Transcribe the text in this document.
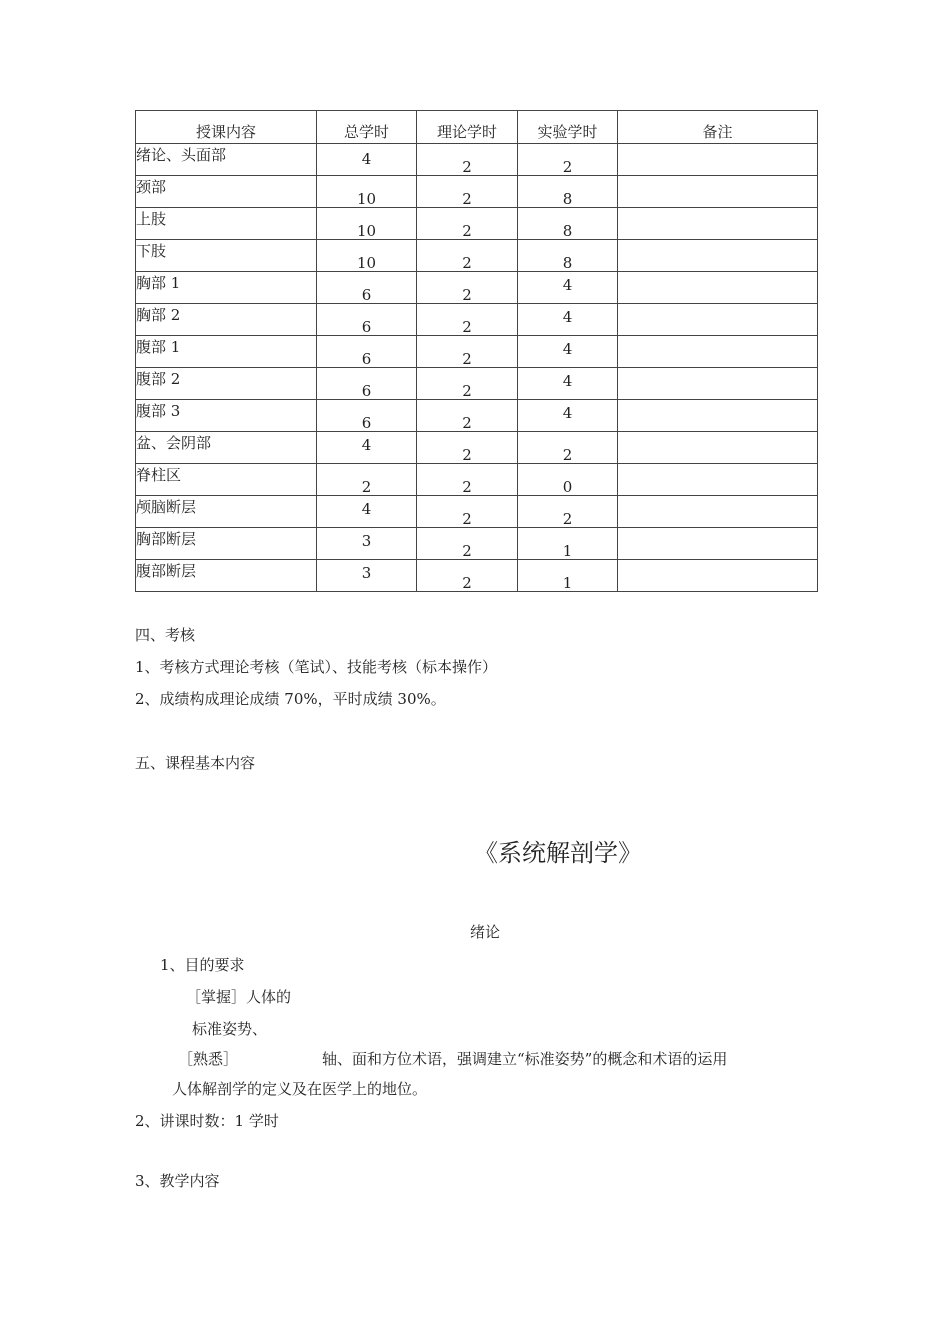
授课内容	总学时	理论学时	实验学时	备注
绪论、头面部	4	2	2	

颈部	10	2	8	

上肢	10	2	8	

下肢	10	2	8	

胸部 1	6	2	4	

胸部 2	6	2	4	

腹部 1	6	2	4	

腹部 2	6	2	4	

腹部 3	6	2	4	

盆、会阴部	4	2	2	

脊柱区	2	2	0	

颅脑断层	4	2	2	

胸部断层	3	2	1	

腹部断层	3	2	1	

四、考核
1、考核方式理论考核（笔试）、技能考核（标本操作）
2、成绩构成理论成绩 70%，平时成绩 30%。
五、课程基本内容
《系统解剖学》
绪论
1、目的要求
［掌握］人体的
标准姿势、
［熟悉］	轴、面和方位术语，强调建立“标准姿势”的概念和术语的运用
人体解剖学的定义及在医学上的地位。
2、讲课时数：1 学时
3、教学内容
